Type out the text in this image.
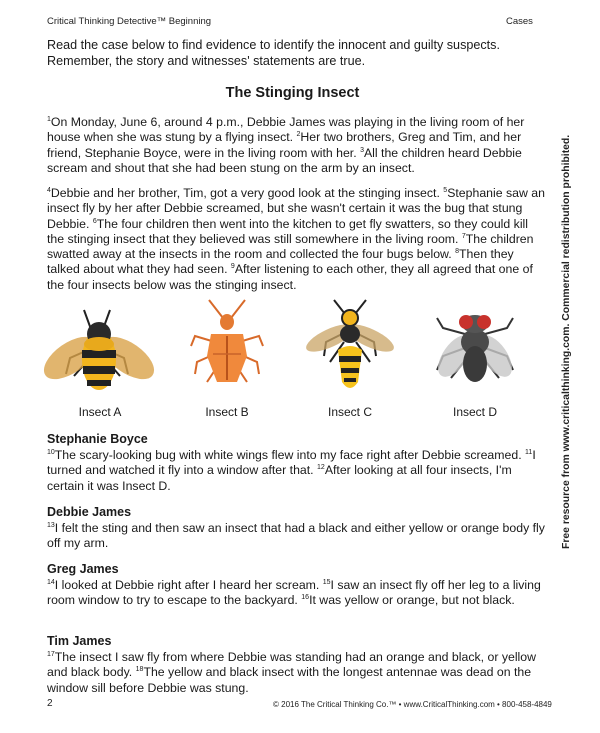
Critical Thinking Detective™ Beginning	Cases

Read the case below to find evidence to identify the innocent and guilty suspects. Remember, the story and witnesses' statements are true.

The Stinging Insect

$^1$On Monday, June 6, around 4 p.m., Debbie James was playing in the living room of her house when she was stung by a flying insect. $^2$Her two brothers, Greg and Tim, and her friend, Stephanie Boyce, were in the living room with her. $^3$All the children heard Debbie scream and shout that she had been stung on the arm by an insect.

$^4$Debbie and her brother, Tim, got a very good look at the stinging insect. $^5$Stephanie saw an insect fly by her after Debbie screamed, but she wasn't certain it was the bug that stung Debbie. $^6$The four children then went into the kitchen to get fly swatters, so they could kill the stinging insect that they believed was still somewhere in the living room. $^7$The children swatted away at the insects in the room and collected the four bugs below. $^8$Then they talked about what they had seen. $^9$After listening to each other, they all agreed that one of the four insects below was the stinging insect.

Insect A	Insect B	Insect C	Insect D
Stephanie Boyce

$^{10}$The scary-looking bug with white wings flew into my face right after Debbie screamed. $^{11}$I turned and watched it fly into a window after that. $^{12}$After looking at all four insects, I'm certain it was Insect D.

Debbie James

$^{13}$I felt the sting and then saw an insect that had a black and either yellow or orange body fly off my arm.

Greg James

$^{14}$I looked at Debbie right after I heard her scream. $^{15}$I saw an insect fly off her leg to a living room window to try to escape to the backyard. $^{16}$It was yellow or orange, but not black.

Tim James

$^{17}$The insect I saw fly from where Debbie was standing had an orange and black, or yellow and black body. $^{18}$The yellow and black insect with the longest antennae was dead on the window sill before Debbie was stung.

Free resource from www.criticalthinking.com. Commercial redistribution prohibited.
2	© 2016 The Critical Thinking Co.™ • www.CriticalThinking.com • 800-458-4849
